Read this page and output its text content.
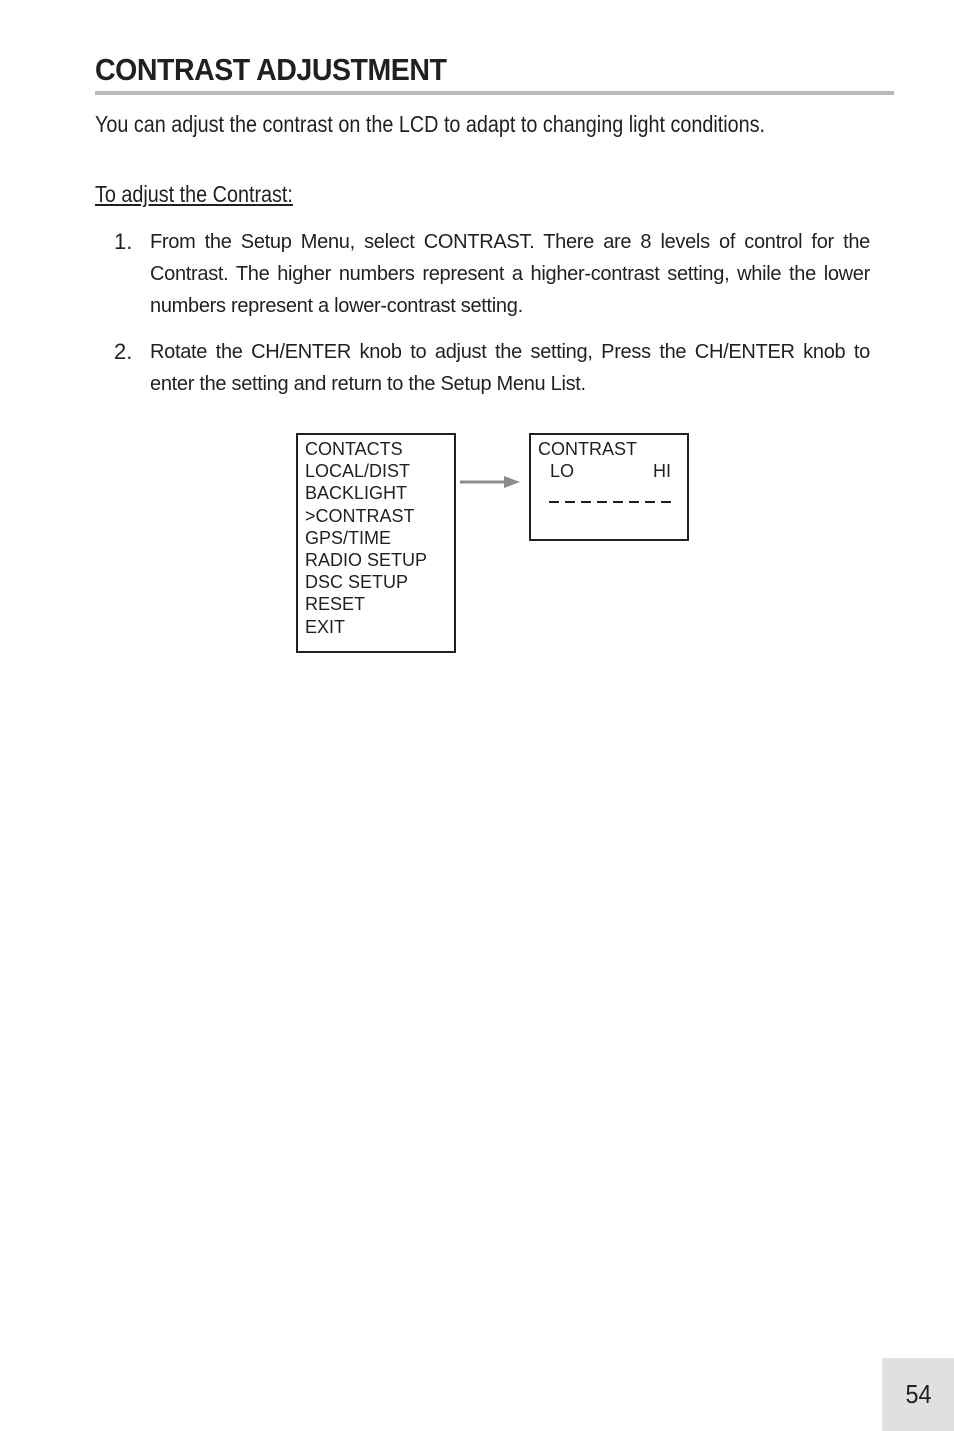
CONTRAST ADJUSTMENT

You can adjust the contrast on the LCD to adapt to changing light conditions.

To adjust the Contrast:

1. From the Setup Menu, select CONTRAST. There are 8 levels of control for the Contrast. The higher numbers represent a higher-contrast setting, while the lower numbers represent a lower-contrast setting.
2. Rotate the CH/ENTER knob to adjust the setting, Press the CH/ENTER knob to enter the setting and return to the Setup Menu List.
CONTACTS
LOCAL/DIST
BACKLIGHT
>CONTRAST
GPS/TIME
RADIO SETUP
DSC SETUP
RESET
EXIT
CONTRAST
LO	HI
54
